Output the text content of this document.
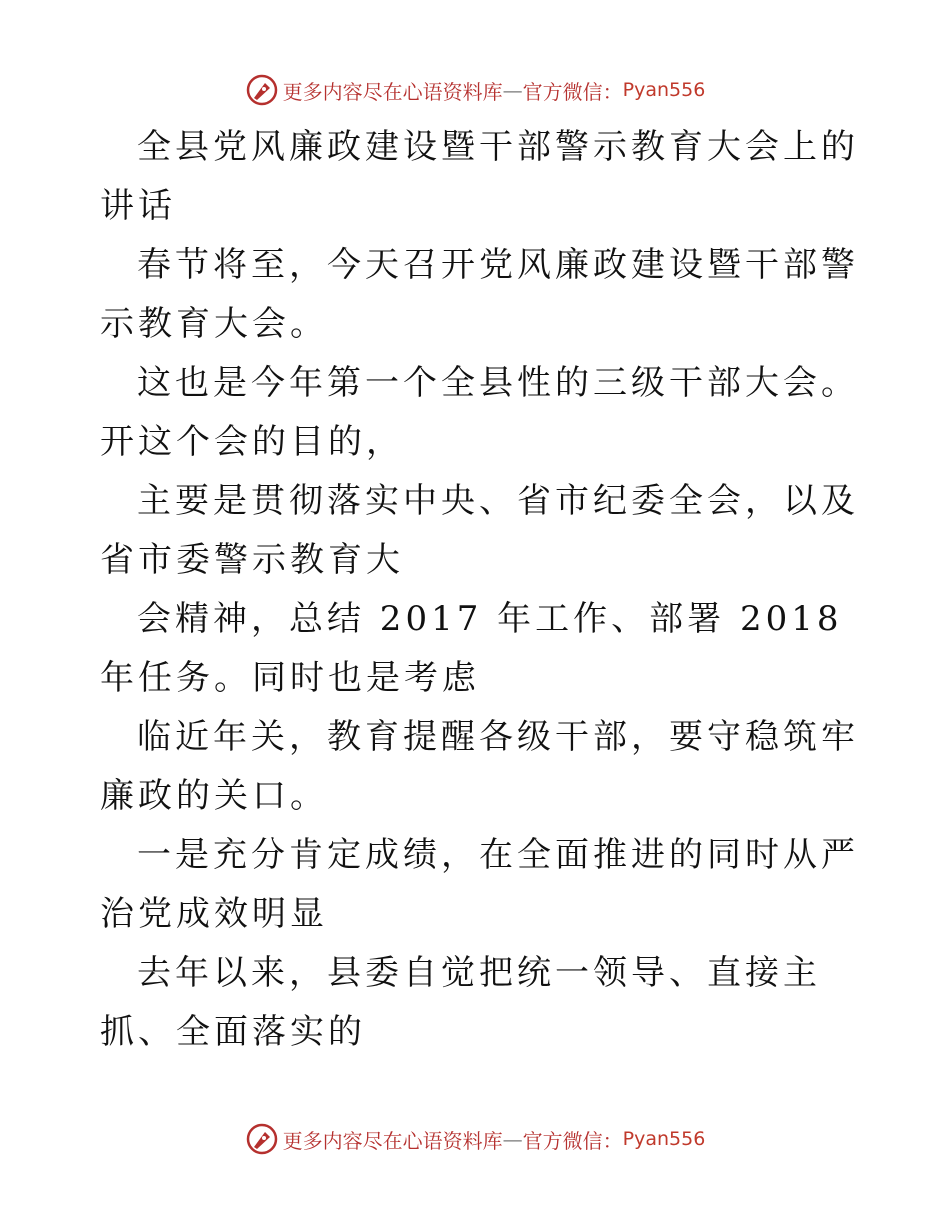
更多内容尽在心语资料库 — 官方微信： Pyan556

全县党风廉政建设暨干部警示教育大会上的讲话

春节将至，今天召开党风廉政建设暨干部警示教育大会。

这也是今年第一个全县性的三级干部大会。开这个会的目的，

主要是贯彻落实中央、省市纪委全会，以及省市委警示教育大

会精神，总结 2017 年工作、部署 2018 年任务。同时也是考虑

临近年关，教育提醒各级干部，要守稳筑牢廉政的关口。

一是充分肯定成绩，在全面推进的同时从严治党成效明显

去年以来，县委自觉把统一领导、直接主抓、全面落实的

更多内容尽在心语资料库 — 官方微信： Pyan556
